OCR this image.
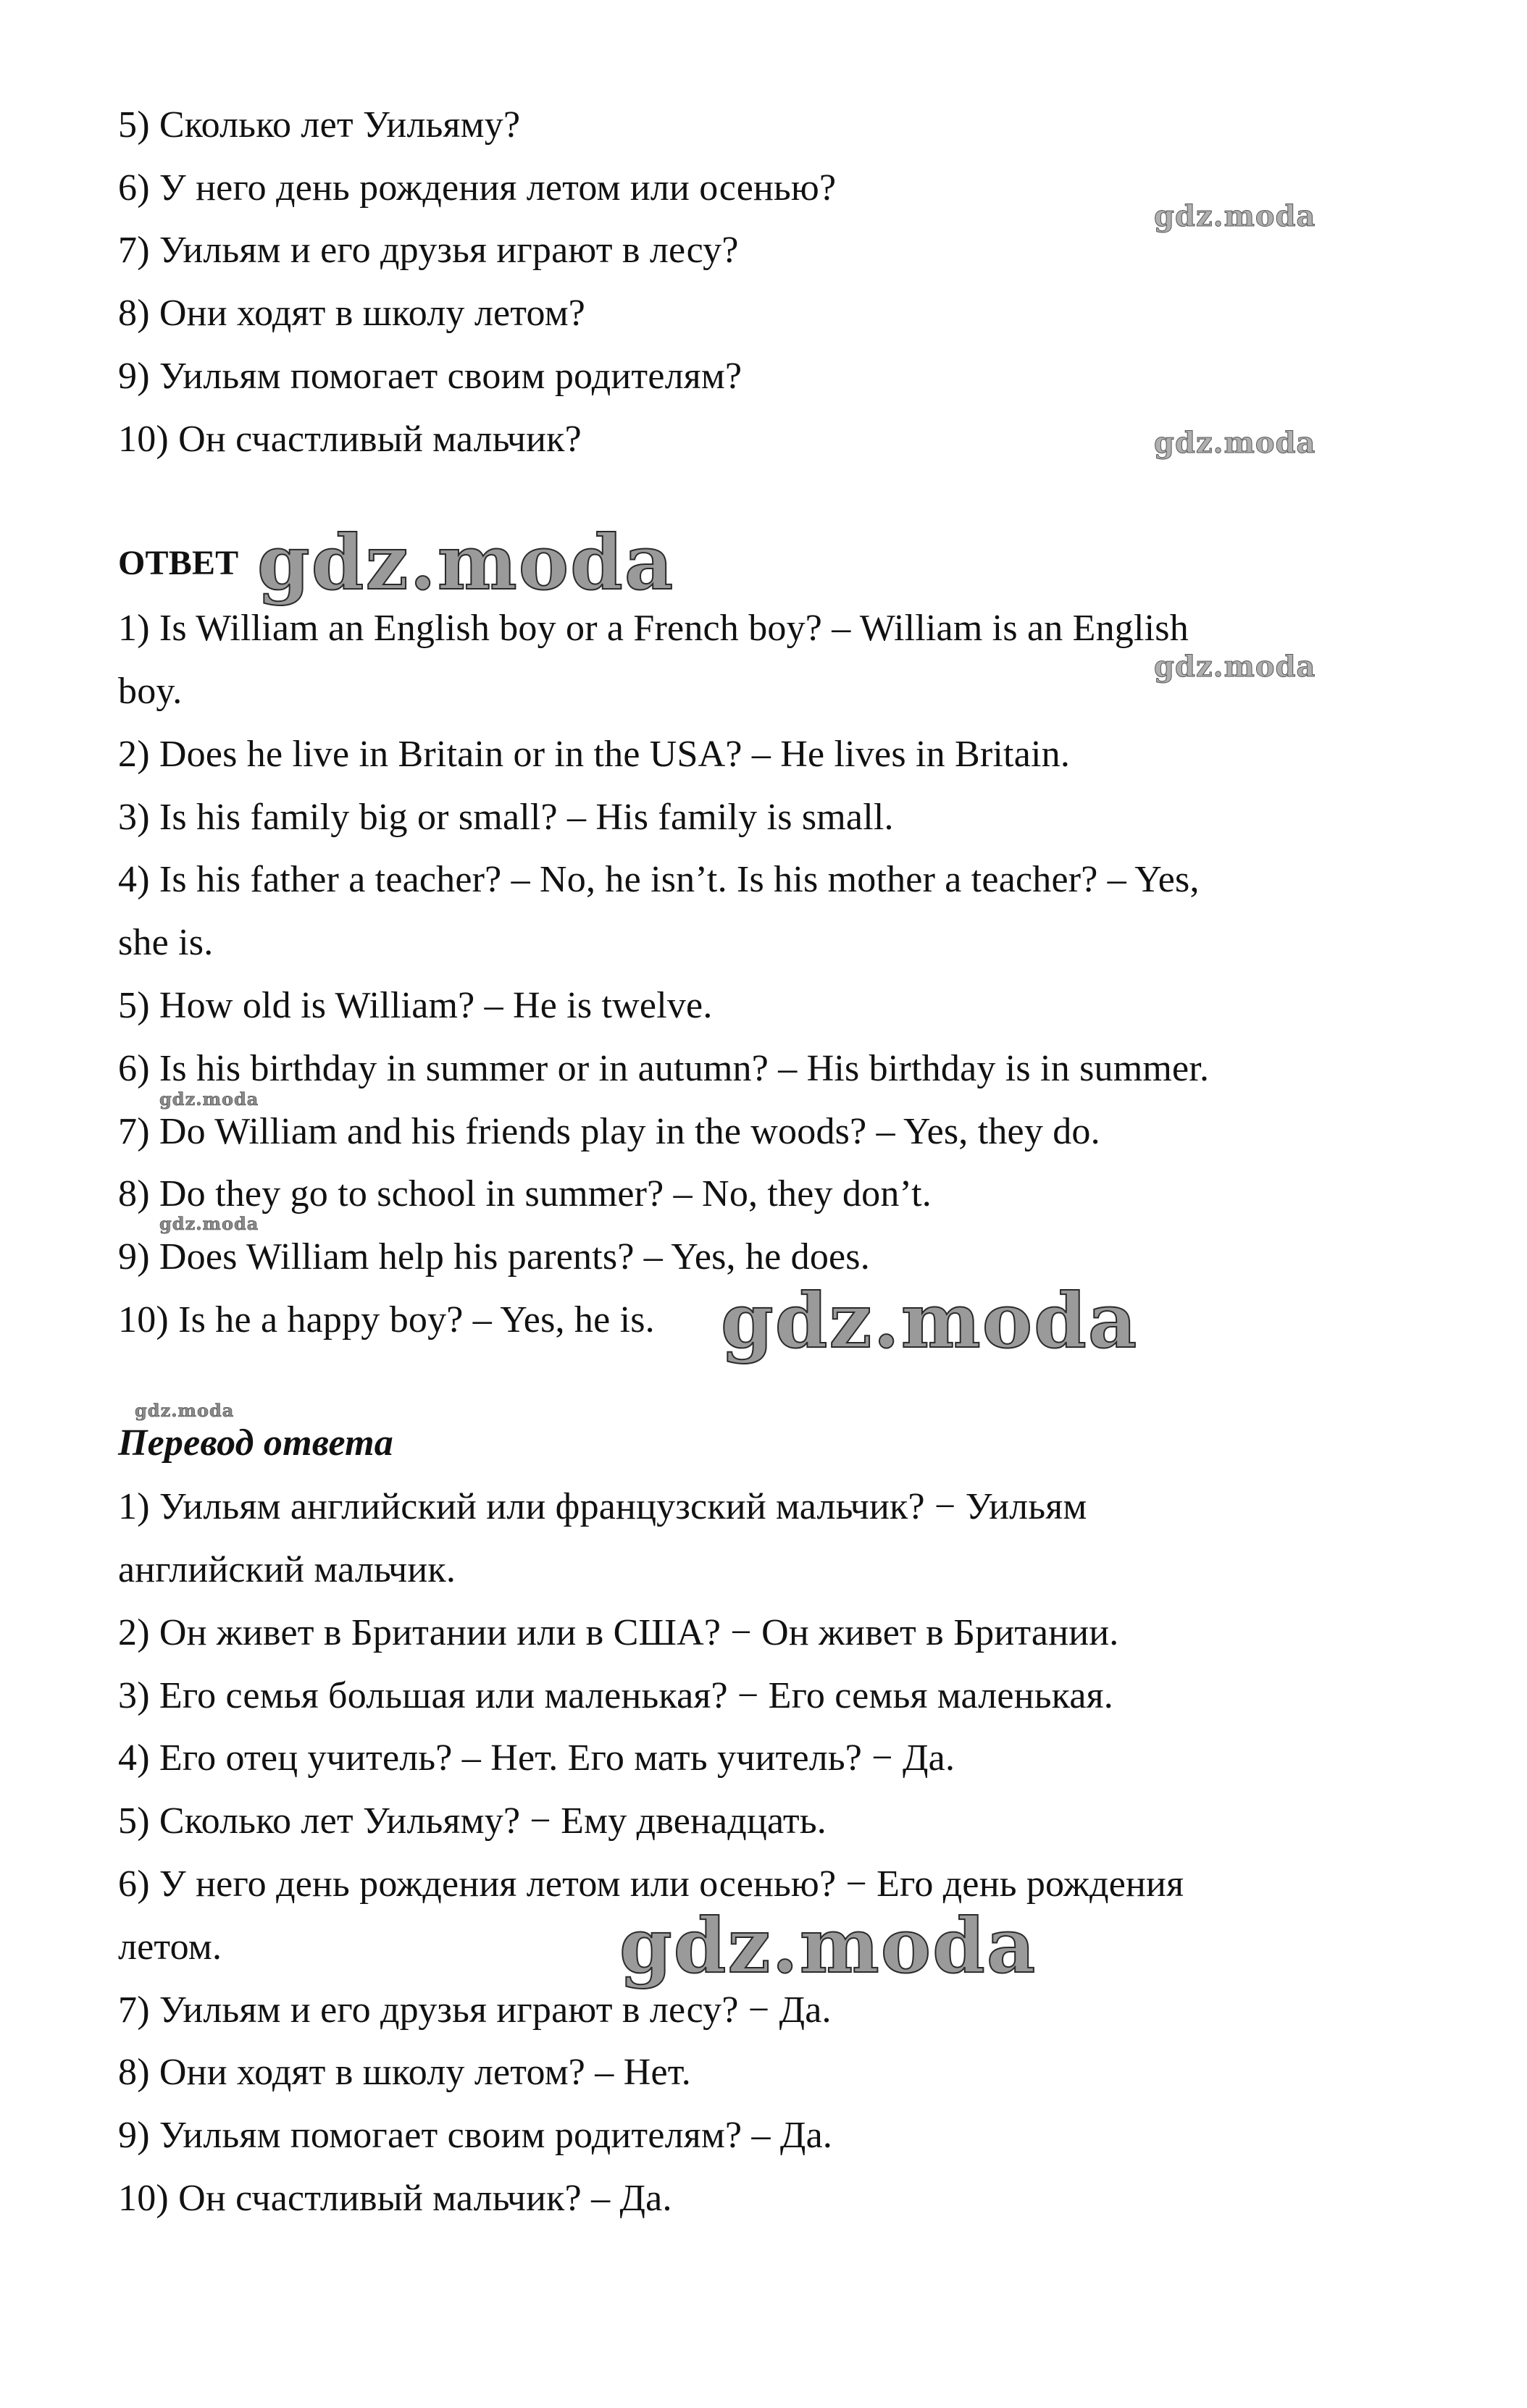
5) Сколько лет Уильяму?
6) У него день рождения летом или осенью?
7) Уильям и его друзья играют в лесу?
8) Они ходят в школу летом?
9) Уильям помогает своим родителям?
10) Он счастливый мальчик?
ОТВЕТ
1) Is William an English boy or a French boy? – William is an English
boy.
2) Does he live in Britain or in the USA? – He lives in Britain.
3) Is his family big or small? – His family is small.
4) Is his father a teacher? – No, he isn’t. Is his mother a teacher? – Yes,
she is.
5) How old is William? – He is twelve.
6) Is his birthday in summer or in autumn? – His birthday is in summer.
7) Do William and his friends play in the woods? – Yes, they do.
8) Do they go to school in summer? – No, they don’t.
9) Does William help his parents? – Yes, he does.
10) Is he a happy boy? – Yes, he is.
Перевод ответа
1) Уильям английский или французский мальчик? − Уильям
английский мальчик.
2) Он живет в Британии или в США? − Он живет в Британии.
3) Его семья большая или маленькая? − Его семья маленькая.
4) Его отец учитель? – Нет. Его мать учитель? − Да.
5) Сколько лет Уильяму? − Ему двенадцать.
6) У него день рождения летом или осенью? − Его день рождения
летом.
7) Уильям и его друзья играют в лесу? − Да.
8) Они ходят в школу летом? – Нет.
9) Уильям помогает своим родителям? – Да.
10) Он счастливый мальчик? – Да.
gdz.moda
gdz.moda
gdz.moda
gdz.moda
gdz.moda
gdz.moda
gdz.moda
gdz.moda
gdz.moda
